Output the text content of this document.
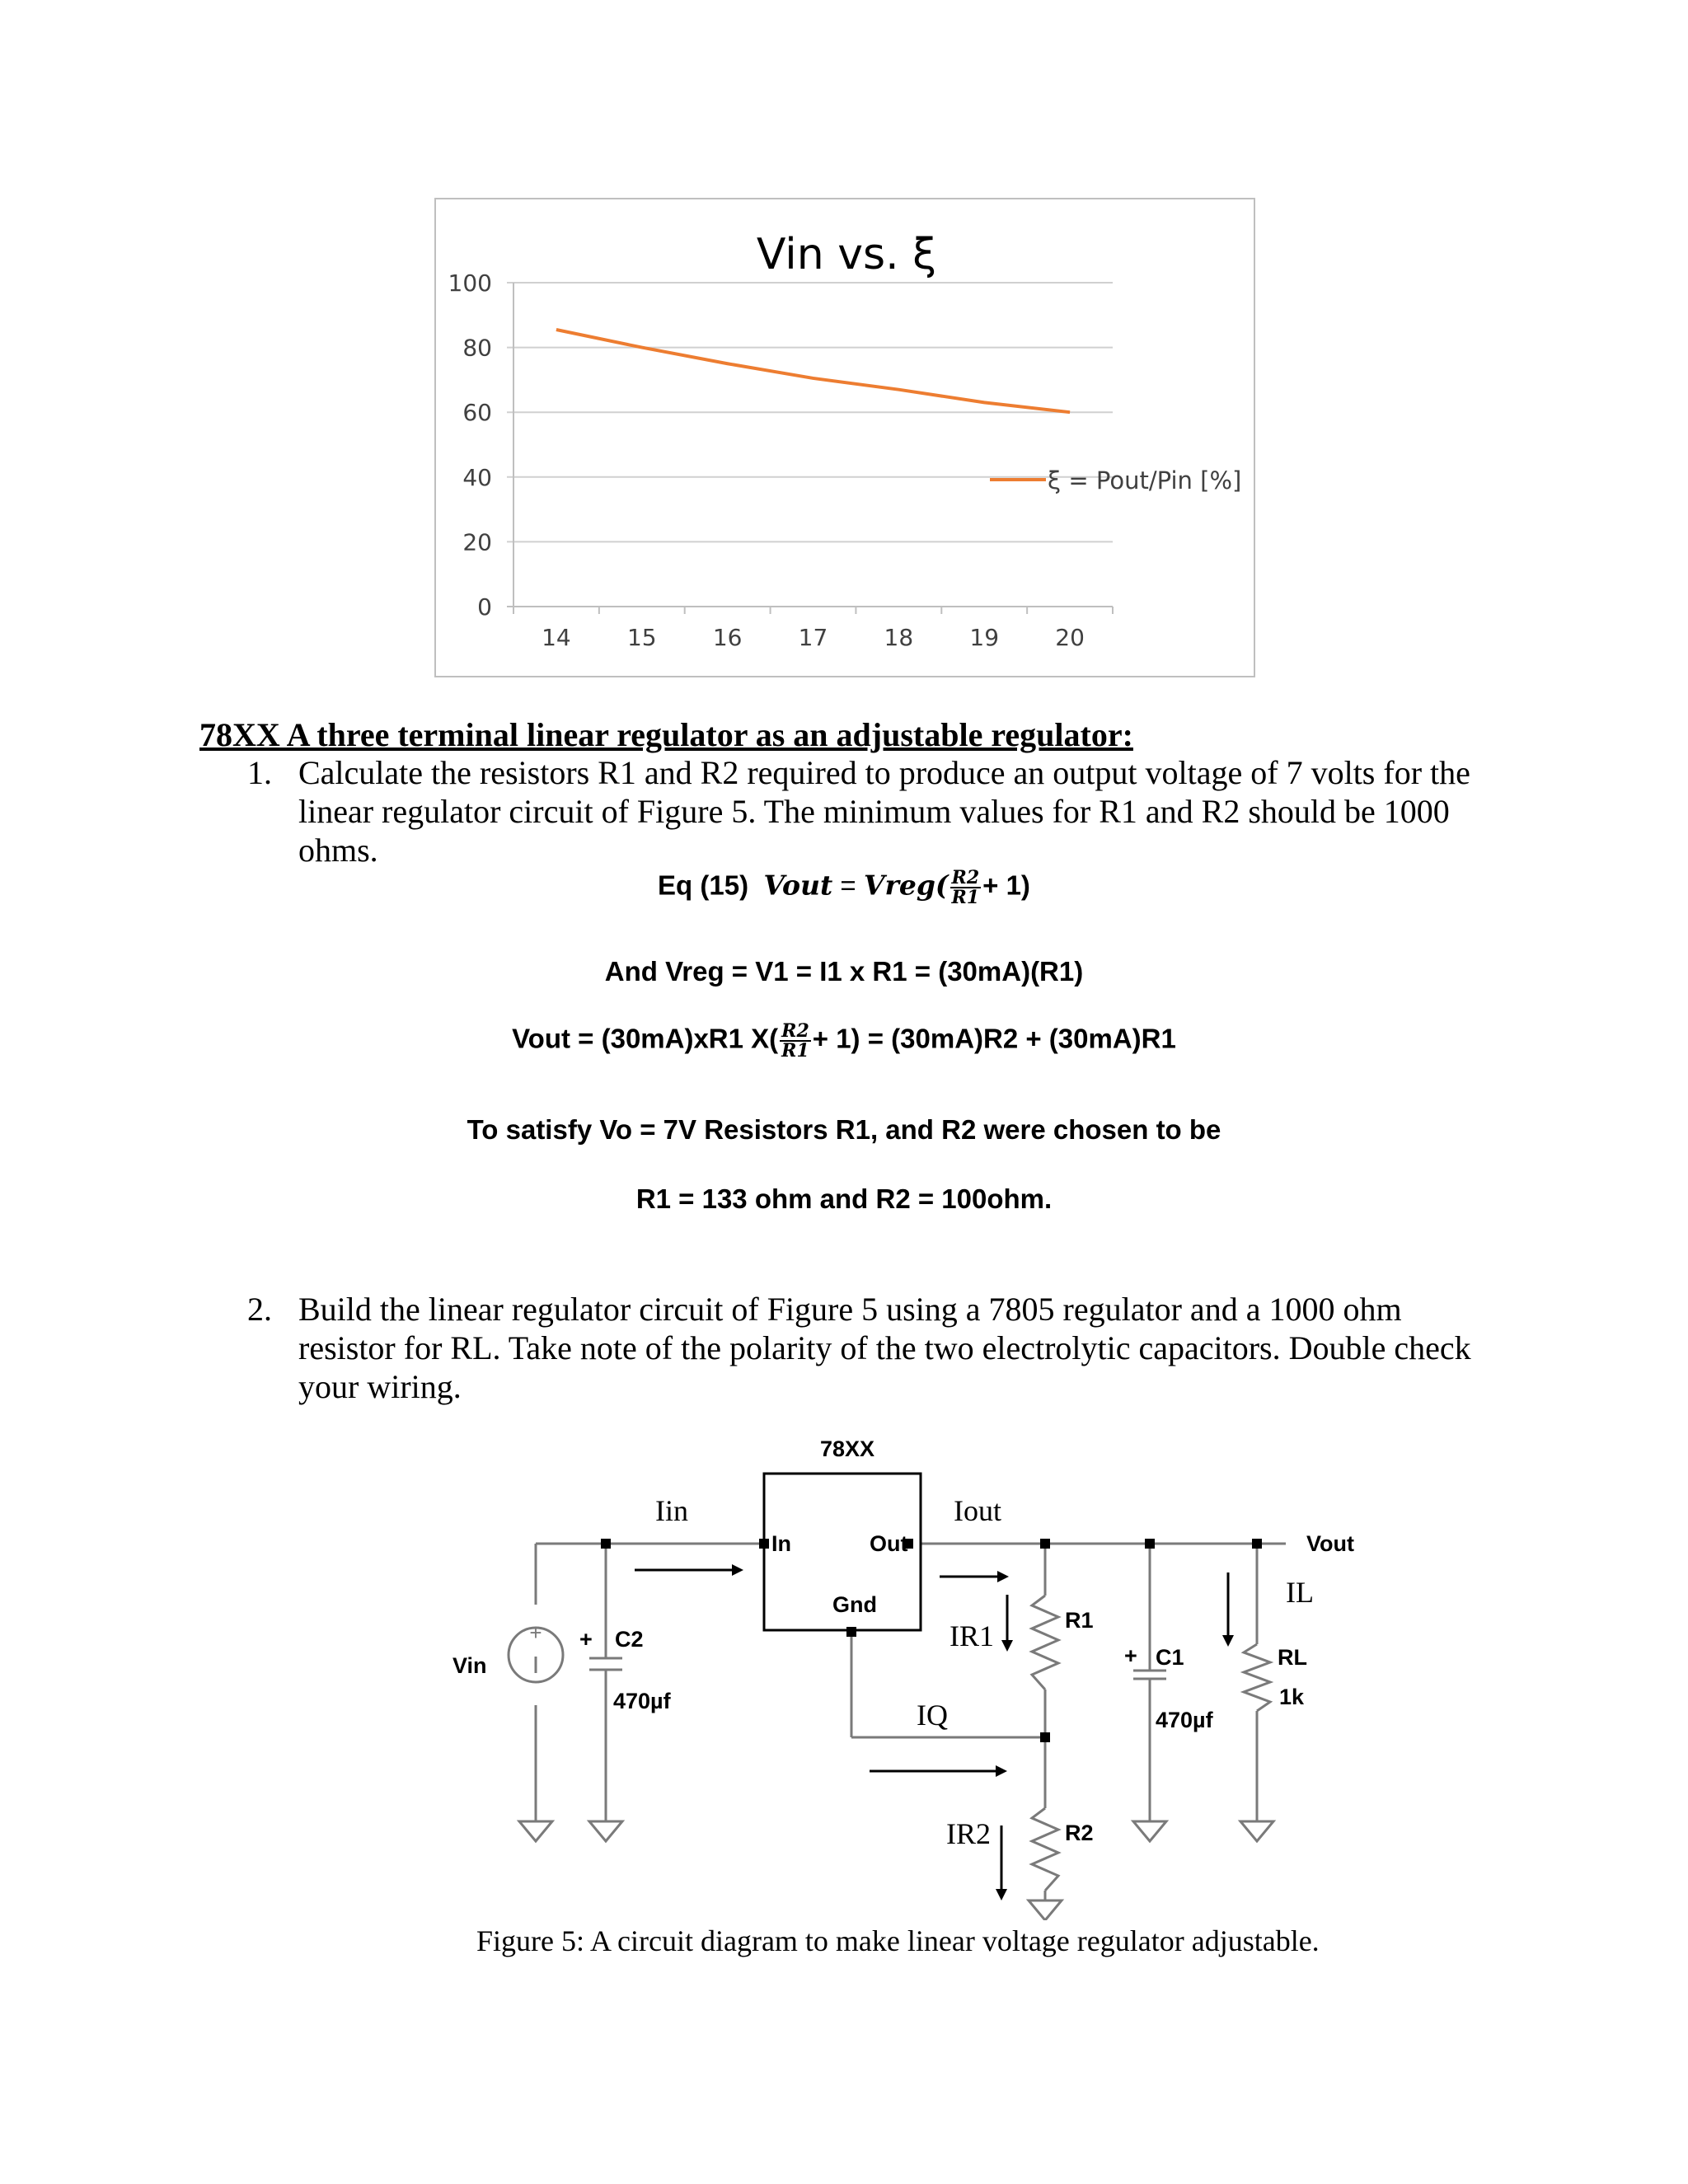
Vin vs. ξ
0
20
40
60
80
100
14 15 16 17 18 19 20
ξ = Pout/Pin [%]
78XX A three terminal linear regulator as an adjustable regulator:
1. Calculate the resistors R1 and R2 required to produce an output voltage of 7 volts for the
linear regulator circuit of Figure 5. The minimum values for R1 and R2 should be 1000
ohms.
Eq (15) Vout = Vreg( $\frac{R2}{R1} + 1$)
And Vreg = V1 = I1 x R1 = (30mA)(R1)
Vout = (30mA)xR1 $X( \frac{R2}{R1} + 1) = (30mA)R2 + (30mA)R1$
To satisfy Vo = 7V Resistors R1, and R2 were chosen to be
R1 = 133 ohm and R2 = 100ohm.
2. Build the linear regulator circuit of Figure 5 using a 7805 regulator and a 1000 ohm
resistor for RL. Take note of the polarity of the two electrolytic capacitors. Double check
your wiring.
+
78XX
In	Out
Gnd
Iin	Iout
Vout
Vin
IL
IR1
IR2
IQ
+ C2
470µf
+ C1
470µf
R1
R2
RL
1k
Figure 5: A circuit diagram to make linear voltage regulator adjustable.
